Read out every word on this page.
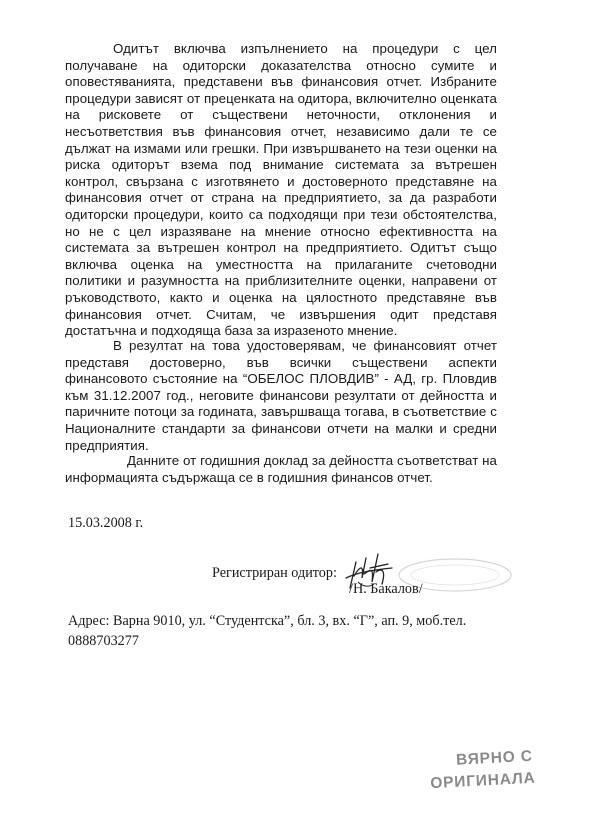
Одитът включва изпълнението на процедури с цел получаване на одиторски доказателства относно сумите и оповестяванията, представени във финансовия отчет. Избраните процедури зависят от преценката на одитора, включително оценката на рисковете от съществени неточности, отклонения и несъответствия във финансовия отчет, независимо дали те се дължат на измами или грешки. При извършването на тези оценки на риска одиторът взема под внимание системата за вътрешен контрол, свързана с изготвянето и достоверното представяне на финансовия отчет от страна на предприятието, за да разработи одиторски процедури, които са подходящи при тези обстоятелства, но не с цел изразяване на мнение относно ефективността на системата за вътрешен контрол на предприятието. Одитът също включва оценка на уместността на прилаганите счетоводни политики и разумността на приблизителните оценки, направени от ръководството, както и оценка на цялостното представяне във финансовия отчет. Считам, че извършения одит представя достатъчна и подходяща база за изразеното мнение.

В резултат на това удостоверявам, че финансовият отчет представя достоверно, във всички съществени аспекти финансовото състояние на “ОБЕЛОС ПЛОВДИВ” - АД, гр. Пловдив към 31.12.2007 год., неговите финансови резултати от дейността и паричните потоци за годината, завършваща тогава, в съответствие с Националните стандарти за финансови отчети на малки и средни предприятия.

Данните от годишния доклад за дейността съответстват на информацията съдържаща се в годишния финансов отчет.

15.03.2008 г.

Регистриран одитор:

/Н. Бакалов/

Адрес: Варна 9010, ул. “Студентска”, бл. 3, вх. “Г”, ап. 9, моб.тел. 0888703277

ВЯРНО С
ОРИГИНАЛА
